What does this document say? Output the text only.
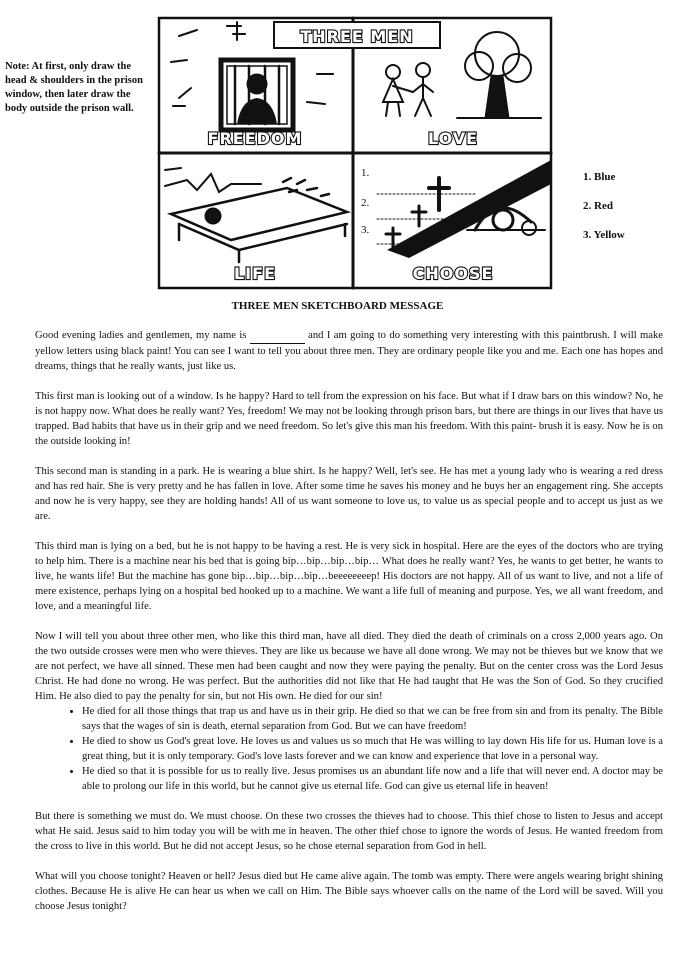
Note: At first, only draw the head & shoulders in the prison window, then later draw the body outside the prison wall.
THREE MEN
FREEDOM	LOVE
LIFE	CHOOSE
1.
2.
3.
1. Blue
2. Red
3. Yellow
THREE MEN SKETCHBOARD MESSAGE

Good evening ladies and gentlemen, my name is                                                               	and I am going to do something very interesting with this paintbrush. I will make yellow letters using black paint! You can see I want to tell you about three men. They are ordinary people like you and me. Each one has hopes and dreams, things that he really wants, just like us.

This first man is looking out of a window. Is he happy? Hard to tell from the expression on his face. But what if I draw bars on this window? No, he is not happy now. What does he really want? Yes, freedom! We may not be looking through prison bars, but there are things in our lives that have us trapped. Bad habits that have us in their grip and we need freedom. So let's give this man his freedom. With this paint- brush it is easy. Now he is on the outside looking in!

This second man is standing in a park. He is wearing a blue shirt. Is he happy? Well, let's see. He has met a young lady who is wearing a red dress and has red hair. She is very pretty and he has fallen in love. After some time he saves his money and he buys her an engagement ring. She accepts and now he is very happy, see they are holding hands! All of us want someone to love us, to value us as special people and to accept us just as we are.

This third man is lying on a bed, but he is not happy to be having a rest. He is very sick in hospital. Here are the eyes of the doctors who are trying to help him. There is a machine near his bed that is going bip…bip…bip…bip… What does he really want? Yes, he wants to get better, he wants to live, he wants life! But the machine has gone bip…bip…bip…bip…beeeeeeeep! His doctors are not happy. All of us want to live, and not a life of mere existence, perhaps lying on a hospital bed hooked up to a machine. We want a life full of meaning and purpose. Yes, we all want freedom, and love, and a meaningful life.

Now I will tell you about three other men, who like this third man, have all died. They died the death of criminals on a cross 2,000 years ago. On the two outside crosses were men who were thieves. They are like us because we have all done wrong. We may not be thieves but we know that we are not perfect, we have all sinned. These men had been caught and now they were paying the penalty. But on the center cross was the Lord Jesus Christ. He had done no wrong. He was perfect. But the authorities did not like that He had taught that He was the Son of God. So they crucified Him. He also died to pay the penalty for sin, but not His own. He died for our sin!

• He died for all those things that trap us and have us in their grip. He died so that we can be free from sin and from its penalty. The Bible says that the wages of sin is death, eternal separation from God. But we can have freedom!
• He died to show us God's great love. He loves us and values us so much that He was willing to lay down His life for us. Human love is a great thing, but it is only temporary. God's love lasts forever and we can know and experience that love in a personal way.
• He died so that it is possible for us to really live. Jesus promises us an abundant life now and a life that will never end. A doctor may be able to prolong our life in this world, but he cannot give us eternal life. God can give us eternal life in heaven!

But there is something we must do. We must choose. On these two crosses the thieves had to choose. This thief chose to listen to Jesus and accept what He said. Jesus said to him today you will be with me in heaven. The other thief chose to ignore the words of Jesus. He wanted freedom from the cross to live in this world. But he did not accept Jesus, so he chose eternal separation from God in hell.

What will you choose tonight? Heaven or hell? Jesus died but He came alive again. The tomb was empty. There were angels wearing bright shining clothes. Because He is alive He can hear us when we call on Him. The Bible says whoever calls on the name of the Lord will be saved. Will you choose Jesus tonight?
